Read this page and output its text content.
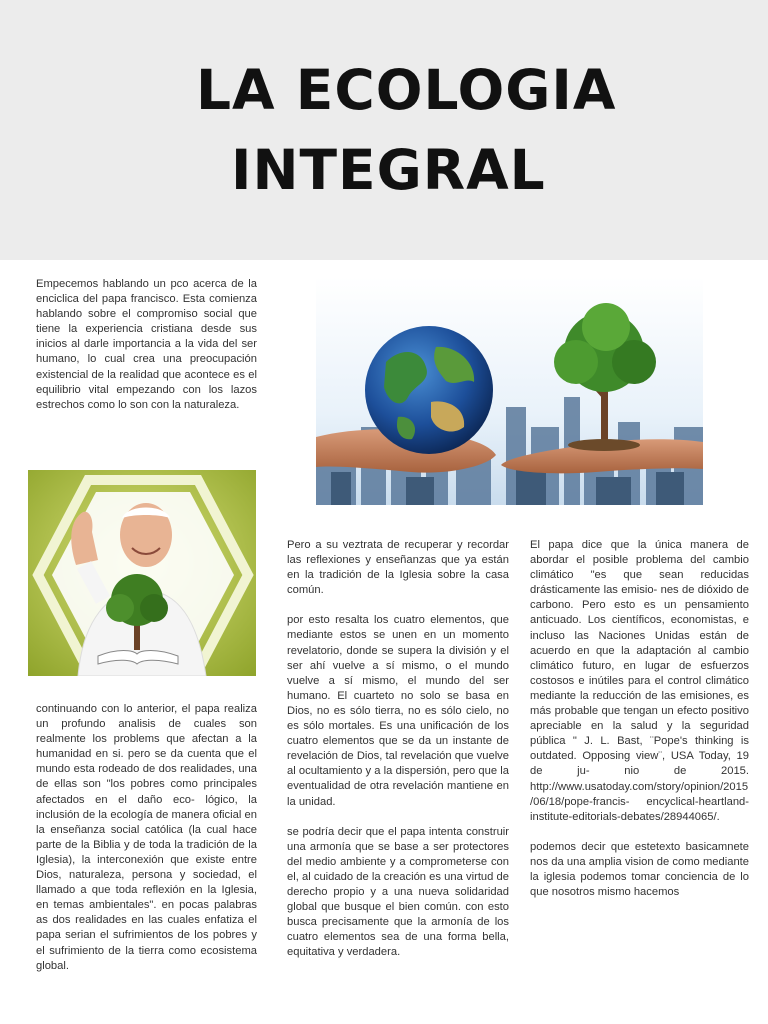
LA ECOLOGIA
INTEGRAL
Empecemos hablando un pco acerca de la enciclica del papa francisco. Esta comienza hablando sobre el compromiso social que tiene la experiencia cristiana desde sus inicios al darle importancia a la vida del ser humano, lo cual crea una preocupación existencial de la realidad que acontece es el equilibrio vital empezando con los lazos estrechos como lo son con la naturaleza.
continuando con lo anterior, el papa realiza un profundo analisis de cuales son realmente los problems que afectan a la humanidad en si. pero se da cuenta que el mundo esta rodeado de dos realidades, una de ellas son "los pobres como principales afectados en el daño eco- lógico, la inclusión de la ecología de manera oficial en la enseñanza social católica (la cual hace parte de la Biblia y de toda la tradición de la Iglesia), la interconexión que existe entre Dios, naturaleza, persona y sociedad, el llamado a que toda reflexión en la Iglesia, en temas ambientales". en pocas palabras as dos realidades en las cuales enfatiza el papa serian el sufrimientos de los pobres y el sufrimiento de la tierra como ecosistema global.

Pero a su veztrata de recuperar y recordar las reflexiones y enseñanzas que ya están en la tradición de la Iglesia sobre la casa común.

por esto resalta los cuatro elementos, que mediante estos se unen en un momento revelatorio, donde se supera la división y el ser ahí vuelve a sí mismo, o el mundo vuelve a sí mismo, el mundo del ser humano. El cuarteto no solo se basa en Dios, no es sólo tierra, no es sólo cielo, no es sólo mortales. Es una unificación de los cuatro elementos que se da un instante de revelación de Dios, tal revelación que vuelve al ocultamiento y a la dispersión, pero que la eventualidad de otra revelación mantiene en la unidad.

se podría decir que el papa intenta construir una armonía que se base a ser protectores del medio ambiente y a comprometerse con el, al cuidado de la creación es una virtud de derecho propio y a una nueva solidaridad global que busque el bien común. con esto busca precisamente que la armonía de los cuatro elementos sea de una forma bella, equitativa y verdadera.

El papa dice que la única manera de abordar el posible problema del cambio climático "es que sean reducidas drásticamente las emisio- nes de dióxido de carbono. Pero esto es un pensamiento anticuado. Los científicos, economistas, e incluso las Naciones Unidas están de acuerdo en que la adaptación al cambio climático futuro, en lugar de esfuerzos costosos e inútiles para el control climático mediante la reducción de las emisiones, es más probable que tengan un efecto positivo apreciable en la salud y la seguridad pública " J. L. Bast, ¨Pope's thinking is outdated. Opposing view¨, USA Today, 19 de ju- nio de 2015. http://www.usatoday.com/story/opinion/2015/06/18/pope-francis- encyclical-heartland-institute-editorials-debates/28944065/.

podemos decir que estetexto basicamnete nos da una amplia vision de como mediante la iglesia podemos tomar conciencia de lo que nosotros mismo hacemos
